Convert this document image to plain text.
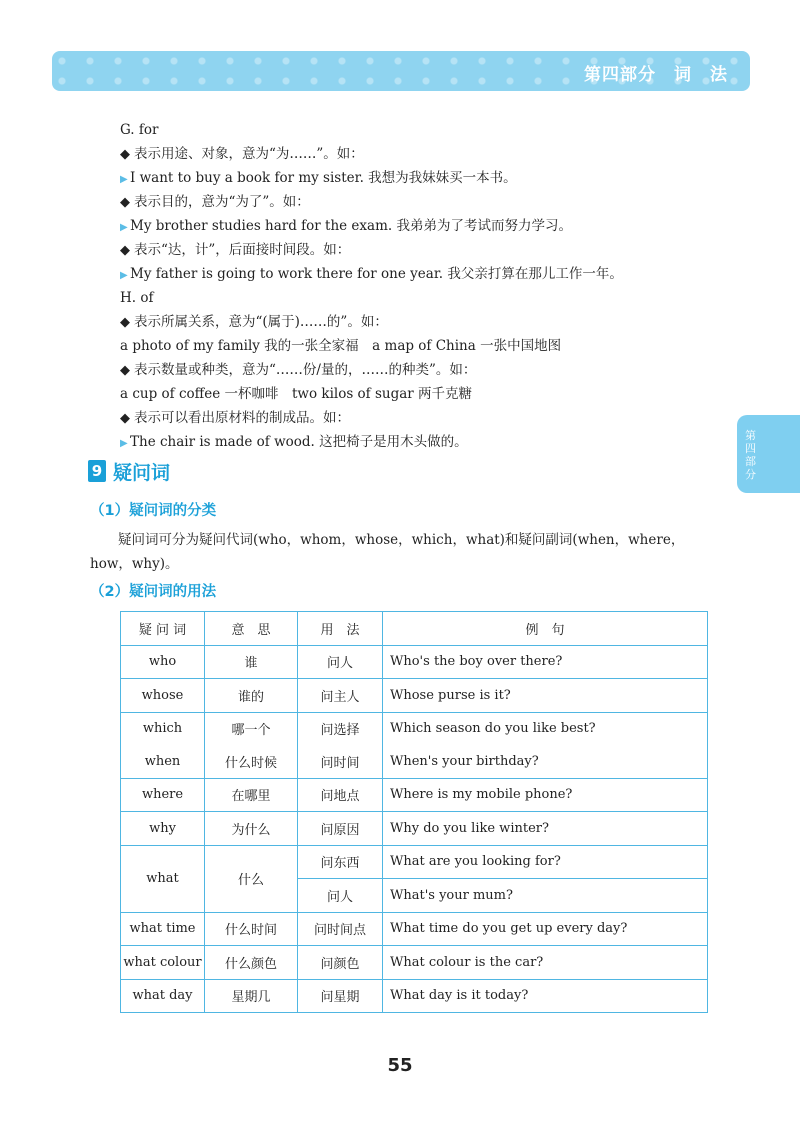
第四部分　词　法
第四部分
G. for
◆ 表示用途、对象，意为“为……”。如：
▶ I want to buy a book for my sister. 我想为我妹妹买一本书。
◆ 表示目的，意为“为了”。如：
▶ My brother studies hard for the exam. 我弟弟为了考试而努力学习。
◆ 表示“达，计”，后面接时间段。如：
▶ My father is going to work there for one year. 我父亲打算在那儿工作一年。
H. of
◆ 表示所属关系，意为“(属于)……的”。如：
a photo of my family 我的一张全家福　a map of China 一张中国地图
◆ 表示数量或种类，意为“……份/量的，……的种类”。如：
a cup of coffee 一杯咖啡　two kilos of sugar 两千克糖
◆ 表示可以看出原材料的制成品。如：
▶ The chair is made of wood. 这把椅子是用木头做的。
9 疑问词
（1）疑问词的分类
疑问词可分为疑问代词(who，whom，whose，which，what)和疑问副词(when，where，
how，why)。
（2）疑问词的用法
疑 问 词	意　思	用　法	例　句
who	谁	问人	Who's the boy over there?
whose	谁的	问主人	Whose purse is it?
which	哪一个	问选择	Which season do you like best?
when	什么时候	问时间	When's your birthday?
where	在哪里	问地点	Where is my mobile phone?
why	为什么	问原因	Why do you like winter?
what	什么	问东西	What are you looking for?
		问人	What's your mum?
what time	什么时间	问时间点	What time do you get up every day?
what colour	什么颜色	问颜色	What colour is the car?
what day	星期几	问星期	What day is it today?
55
